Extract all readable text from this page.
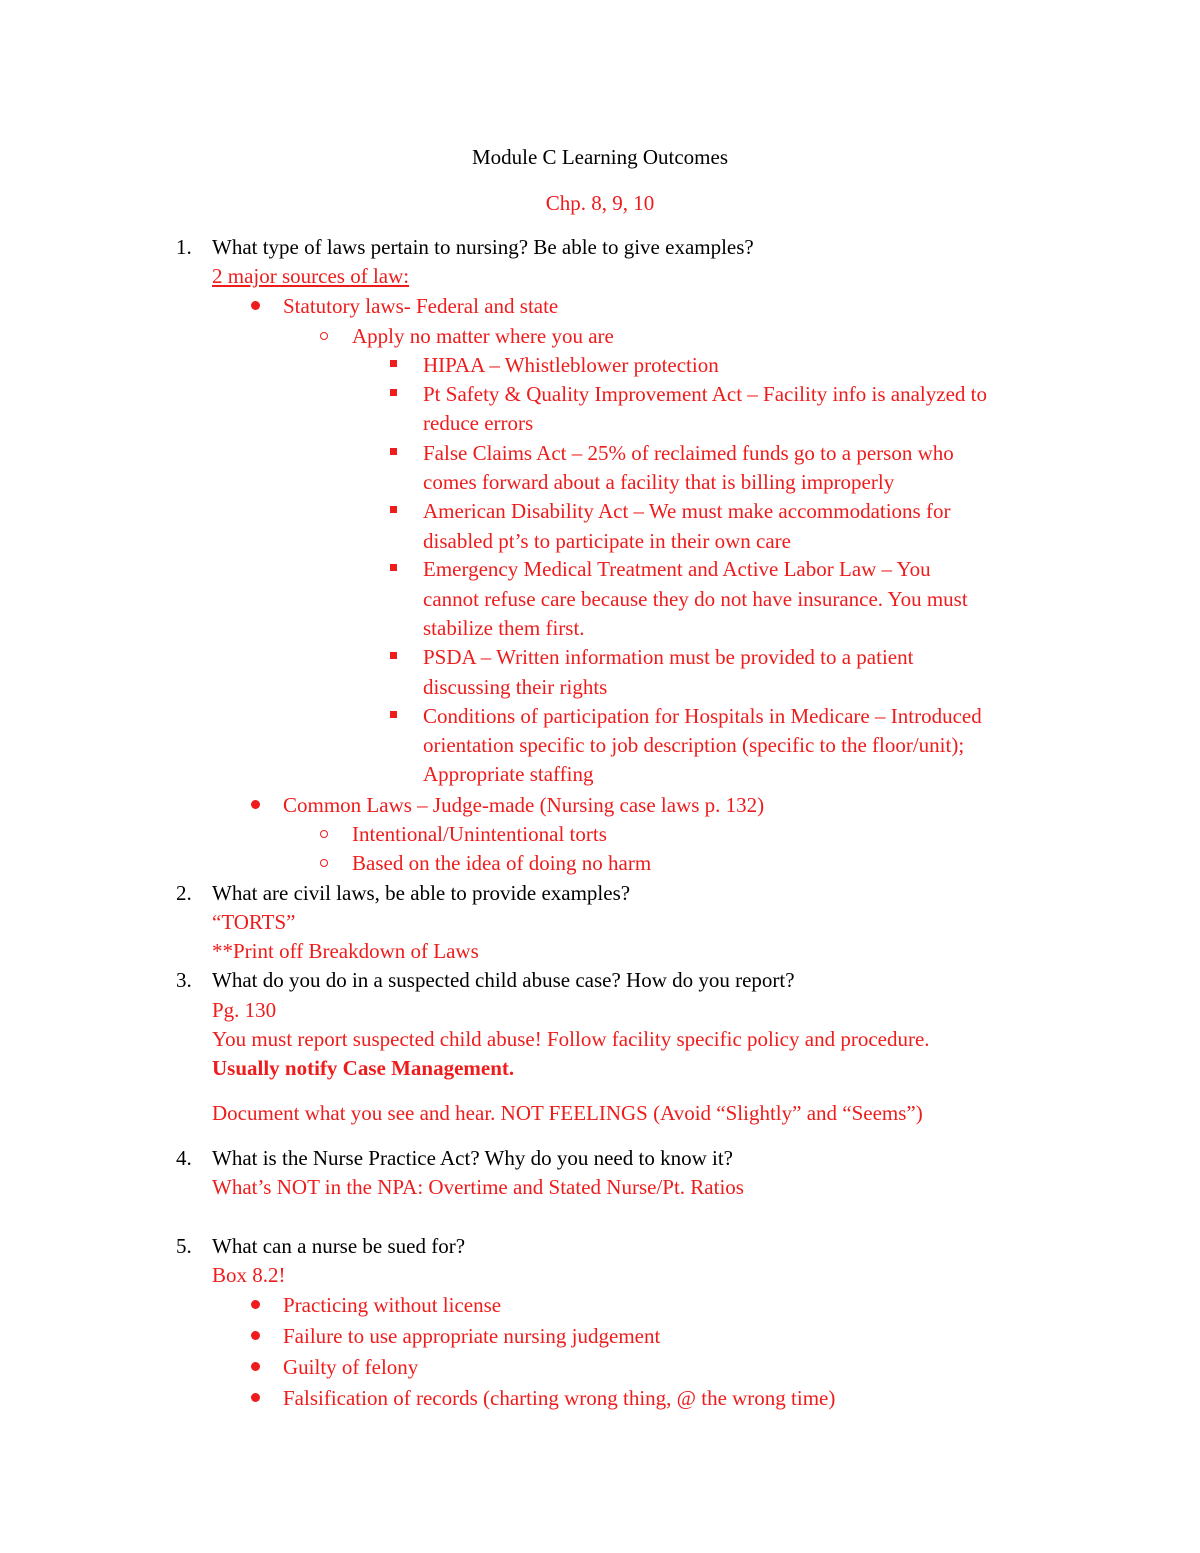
Module C Learning Outcomes
Chp. 8, 9, 10
1. What type of laws pertain to nursing? Be able to give examples?
2 major sources of law:
Statutory laws- Federal and state
Apply no matter where you are
HIPAA – Whistleblower protection
Pt Safety & Quality Improvement Act – Facility info is analyzed to
reduce errors
False Claims Act – 25% of reclaimed funds go to a person who
comes forward about a facility that is billing improperly
American Disability Act – We must make accommodations for
disabled pt’s to participate in their own care
Emergency Medical Treatment and Active Labor Law – You
cannot refuse care because they do not have insurance. You must
stabilize them first.
PSDA – Written information must be provided to a patient
discussing their rights
Conditions of participation for Hospitals in Medicare – Introduced
orientation specific to job description (specific to the floor/unit);
Appropriate staffing
Common Laws – Judge-made (Nursing case laws p. 132)
Intentional/Unintentional torts
Based on the idea of doing no harm
2. What are civil laws, be able to provide examples?
“TORTS”
**Print off Breakdown of Laws
3. What do you do in a suspected child abuse case? How do you report?
Pg. 130
You must report suspected child abuse! Follow facility specific policy and procedure.
Usually notify Case Management.
Document what you see and hear. NOT FEELINGS (Avoid “Slightly” and “Seems”)
4. What is the Nurse Practice Act? Why do you need to know it?
What’s NOT in the NPA: Overtime and Stated Nurse/Pt. Ratios
5. What can a nurse be sued for?
Box 8.2!
Practicing without license
Failure to use appropriate nursing judgement
Guilty of felony
Falsification of records (charting wrong thing, @ the wrong time)
